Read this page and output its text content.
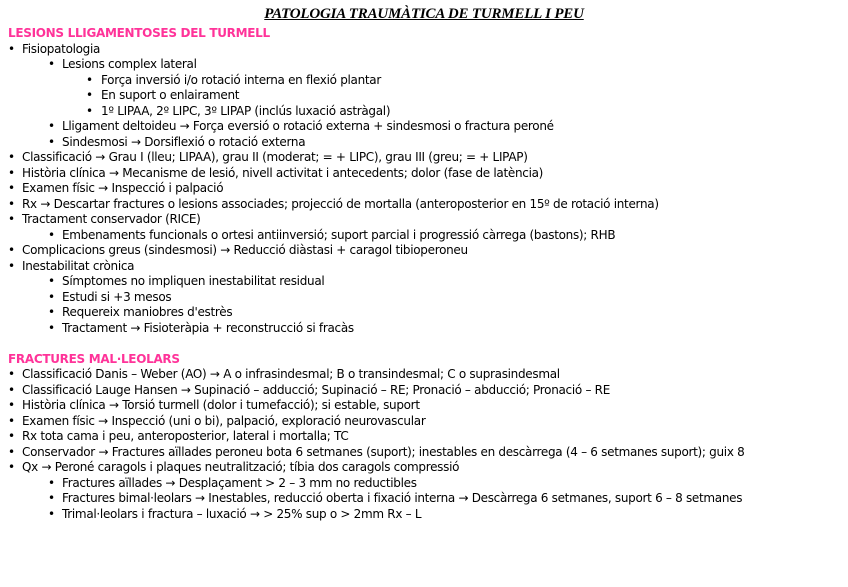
PATOLOGIA TRAUMÀTICA DE TURMELL I PEU
LESIONS LLIGAMENTOSES DEL TURMELL
• Fisiopatologia
• Lesions complex lateral
• Força inversió i/o rotació interna en flexió plantar
• En suport o enlairament
• 1º LIPAA, 2º LIPC, 3º LIPAP (inclús luxació astràgal)
• Lligament deltoideu → Força eversió o rotació externa + sindesmosi o fractura peroné
• Sindesmosi → Dorsiflexió o rotació externa
• Classificació → Grau I (lleu; LIPAA), grau II (moderat; = + LIPC), grau III (greu; = + LIPAP)
• Història clínica → Mecanisme de lesió, nivell activitat i antecedents; dolor (fase de latència)
• Examen físic → Inspecció i palpació
• Rx → Descartar fractures o lesions associades; projecció de mortalla (anteroposterior en 15º de rotació interna)
• Tractament conservador (RICE)
• Embenaments funcionals o ortesi antiinversió; suport parcial i progressió càrrega (bastons); RHB
• Complicacions greus (sindesmosi) → Reducció diàstasi + caragol tibioperoneu
• Inestabilitat crònica
• Símptomes no impliquen inestabilitat residual
• Estudi si +3 mesos
• Requereix maniobres d'estrès
• Tractament → Fisioteràpia + reconstrucció si fracàs
FRACTURES MAL·LEOLARS
• Classificació Danis – Weber (AO) → A o infrasindesmal; B o transindesmal; C o suprasindesmal
• Classificació Lauge Hansen → Supinació – adducció; Supinació – RE; Pronació – abducció; Pronació – RE
• Història clínica → Torsió turmell (dolor i tumefacció); si estable, suport
• Examen físic → Inspecció (uni o bi), palpació, exploració neurovascular
• Rx tota cama i peu, anteroposterior, lateral i mortalla; TC
• Conservador → Fractures aïllades peroneu bota 6 setmanes (suport); inestables en descàrrega (4 – 6 setmanes suport); guix 8
• Qx → Peroné caragols i plaques neutralització; tíbia dos caragols compressió
• Fractures aïllades → Desplaçament > 2 – 3 mm no reductibles
• Fractures bimal·leolars → Inestables, reducció oberta i fixació interna → Descàrrega 6 setmanes, suport 6 – 8 setmanes
• Trimal·leolars i fractura – luxació → > 25% sup o > 2mm Rx – L
